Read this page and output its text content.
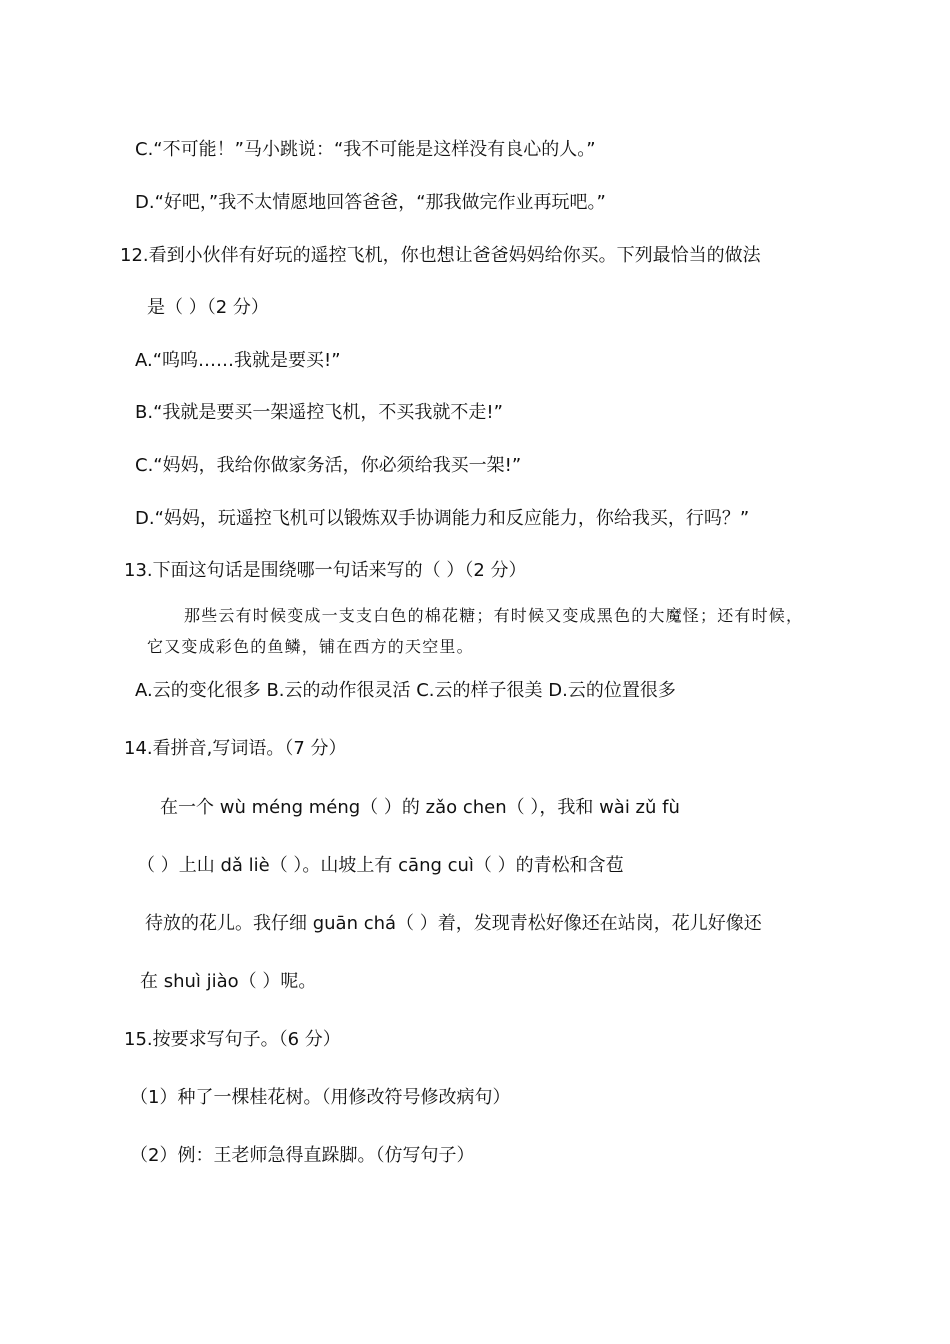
C.“不可能！”马小跳说：“我不可能是这样没有良心的人。”
D.“好吧，”我不太情愿地回答爸爸，“那我做完作业再玩吧。”
12.看到小伙伴有好玩的遥控飞机，你也想让爸爸妈妈给你买。下列最恰当的做法
是（ ）（2 分）
A.“呜呜……我就是要买!”
B.“我就是要买一架遥控飞机，不买我就不走!”
C.“妈妈，我给你做家务活，你必须给我买一架!”
D.“妈妈，玩遥控飞机可以锻炼双手协调能力和反应能力，你给我买，行吗？”
13.下面这句话是围绕哪一句话来写的（ ）（2 分）
那些云有时候变成一支支白色的棉花糖；有时候又变成黑色的大魔怪；还有时候，
它又变成彩色的鱼鳞，铺在西方的天空里。
A.云的变化很多 B.云的动作很灵活 C.云的样子很美 D.云的位置很多
14.看拼音,写词语。（7 分）
在一个 wù méng méng（ ）的 zǎo chen（ ），我和 wài zǔ fù
（ ）上山 dǎ liè（ ）。山坡上有 cāng cuì（ ）的青松和含苞
待放的花儿。我仔细 guān chá（ ）着，发现青松好像还在站岗，花儿好像还
在 shuì jiào（ ）呢。
15.按要求写句子。（6 分）
（1）种了一棵桂花树。（用修改符号修改病句）
（2）例：王老师急得直跺脚。（仿写句子）
